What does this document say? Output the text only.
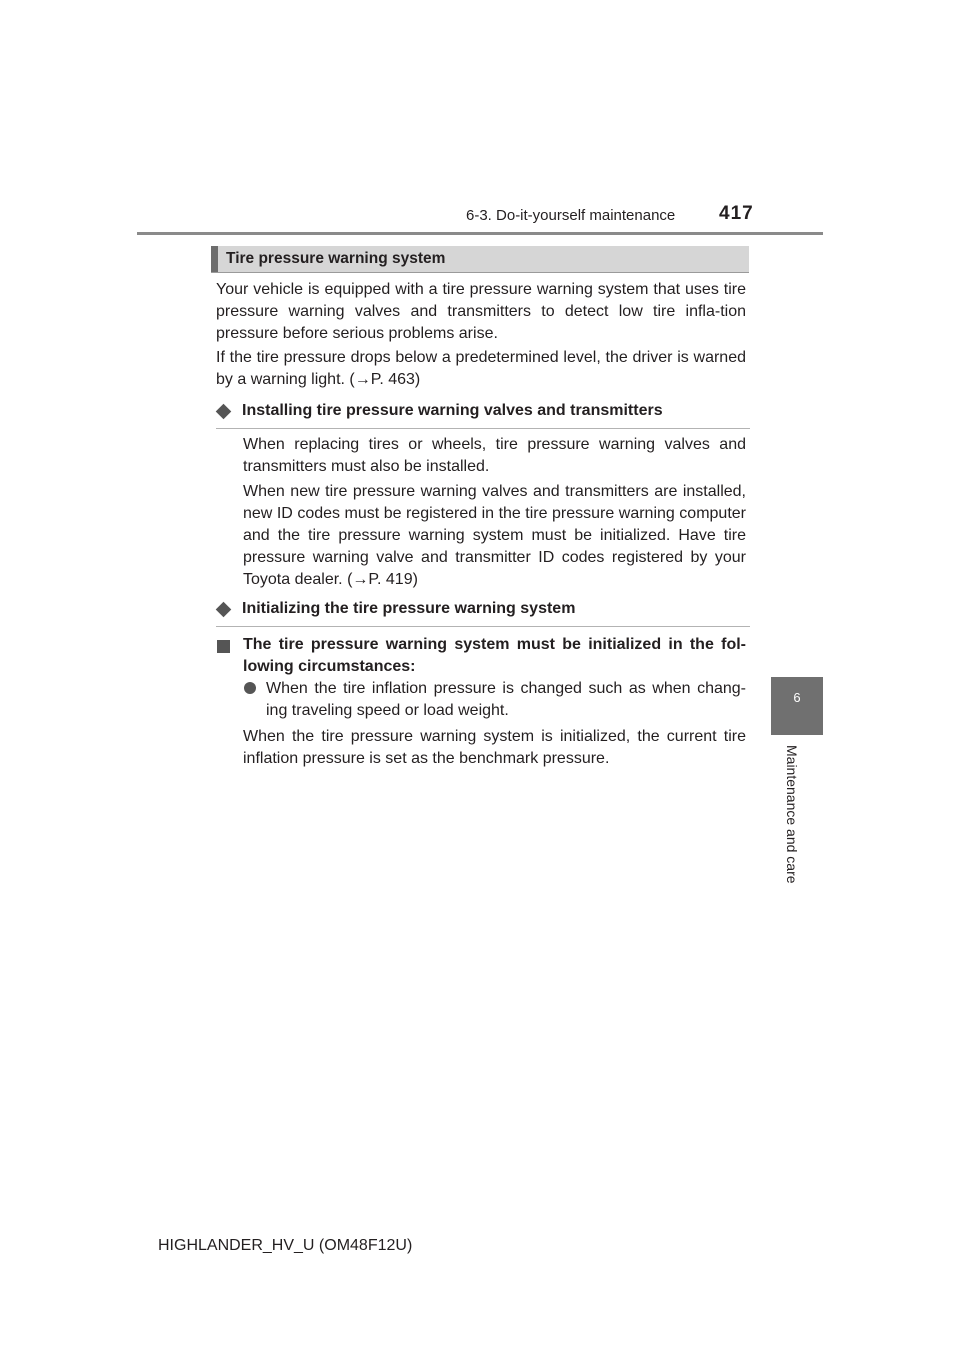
6-3. Do-it-yourself maintenance 417
6
Maintenance and care
Tire pressure warning system

Your vehicle is equipped with a tire pressure warning system that uses tire pressure warning valves and transmitters to detect low tire infla-tion pressure before serious problems arise.

If the tire pressure drops below a predetermined level, the driver is warned by a warning light. (→P. 463)

Installing tire pressure warning valves and transmitters

When replacing tires or wheels, tire pressure warning valves and transmitters must also be installed.

When new tire pressure warning valves and transmitters are installed, new ID codes must be registered in the tire pressure warning computer and the tire pressure warning system must be initialized. Have tire pressure warning valve and transmitter ID codes registered by your Toyota dealer. (→P. 419)

Initializing the tire pressure warning system

The tire pressure warning system must be initialized in the fol-lowing circumstances:

When the tire inflation pressure is changed such as when chang-ing traveling speed or load weight.

When the tire pressure warning system is initialized, the current tire inflation pressure is set as the benchmark pressure.

HIGHLANDER_HV_U (OM48F12U)
